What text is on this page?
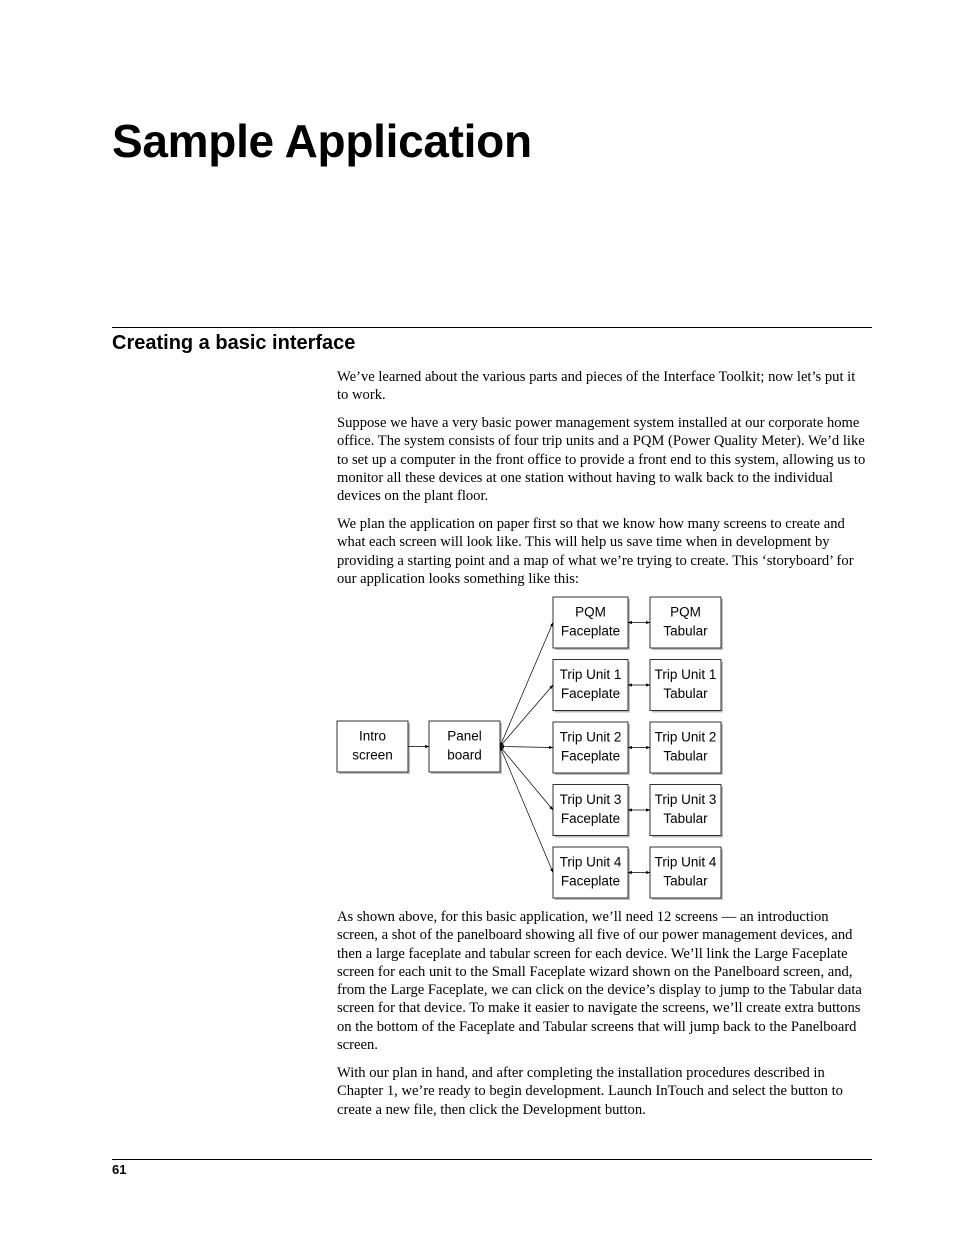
Sample Application
Creating a basic interface

We’ve learned about the various parts and pieces of the Interface Toolkit; now let’s put it to work.

Suppose we have a very basic power management system installed at our corporate home office. The system consists of four trip units and a PQM (Power Quality Meter). We’d like to set up a computer in the front office to provide a front end to this system, allowing us to monitor all these devices at one station without having to walk back to the individual devices on the plant floor.

We plan the application on paper first so that we know how many screens to create and what each screen will look like. This will help us save time when in development by providing a starting point and a map of what we’re trying to create. This ‘storyboard’ for our application looks something like this:

Intro
screen
Panel
board
PQM
Faceplate
PQM
Tabular
Trip Unit 1
Faceplate
Trip Unit 1
Tabular
Trip Unit 2
Faceplate
Trip Unit 2
Tabular
Trip Unit 3
Faceplate
Trip Unit 3
Tabular
Trip Unit 4
Faceplate
Trip Unit 4
Tabular

As shown above, for this basic application, we’ll need 12 screens — an introduction screen, a shot of the panelboard showing all five of our power management devices, and then a large faceplate and tabular screen for each device. We’ll link the Large Faceplate screen for each unit to the Small Faceplate wizard shown on the Panelboard screen, and, from the Large Faceplate, we can click on the device’s display to jump to the Tabular data screen for that device. To make it easier to navigate the screens, we’ll create extra buttons on the bottom of the Faceplate and Tabular screens that will jump back to the Panelboard screen.

With our plan in hand, and after completing the installation procedures described in Chapter 1, we’re ready to begin development. Launch InTouch and select the button to create a new file, then click the Development button.

61
